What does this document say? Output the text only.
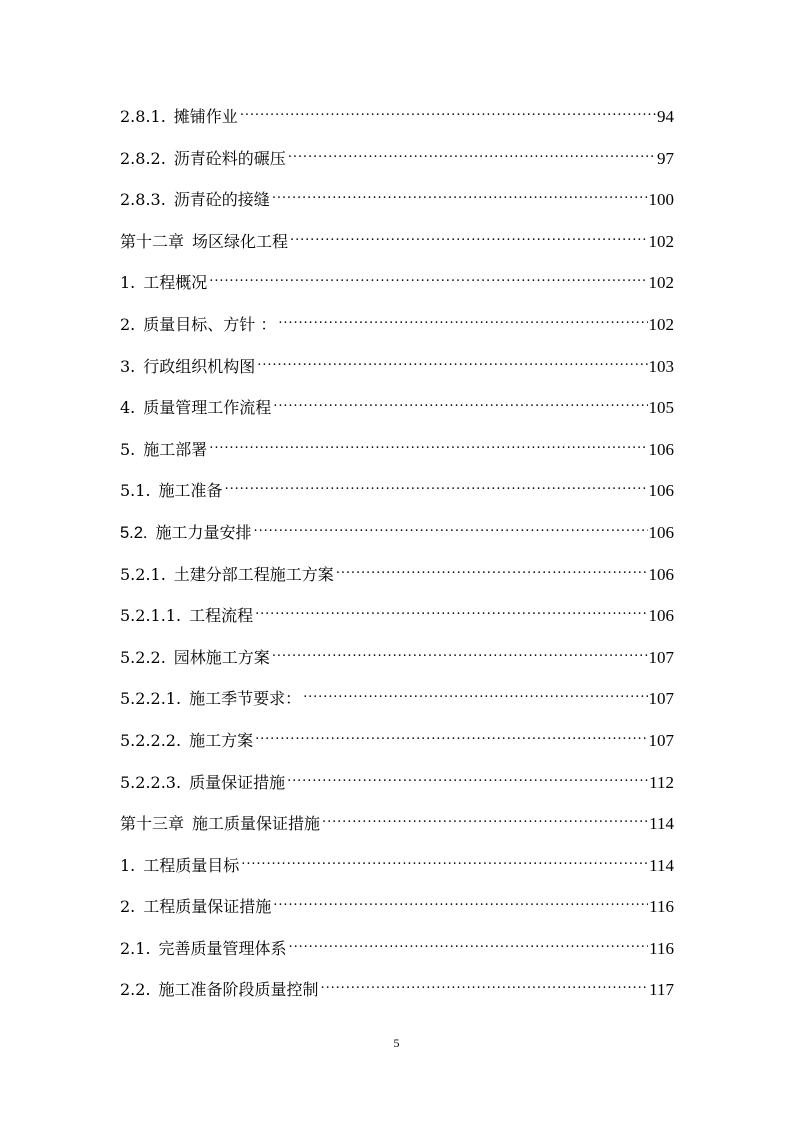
2.8.1. 摊铺作业 .....	94
2.8.2. 沥青砼料的碾压 .....	97
2.8.3. 沥青砼的接缝 .....	100
第十二章 场区绿化工程 .....	102
1. 工程概况 .....	102
2. 质量目标、方针 ： .....	102
3. 行政组织机构图 .....	103
4. 质量管理工作流程 .....	105
5. 施工部署 .....	106
5.1. 施工准备 .....	106
5.2. 施工力量安排 .....	106
5.2.1. 土建分部工程施工方案 .....	106
5.2.1.1. 工程流程 .....	106
5.2.2. 园林施工方案 .....	107
5.2.2.1. 施工季节要求： .....	107
5.2.2.2. 施工方案 .....	107
5.2.2.3. 质量保证措施 .....	112
第十三章 施工质量保证措施 .....	114
1. 工程质量目标 .....	114
2. 工程质量保证措施 .....	116
2.1. 完善质量管理体系 .....	116
2.2. 施工准备阶段质量控制 .....	117
5
